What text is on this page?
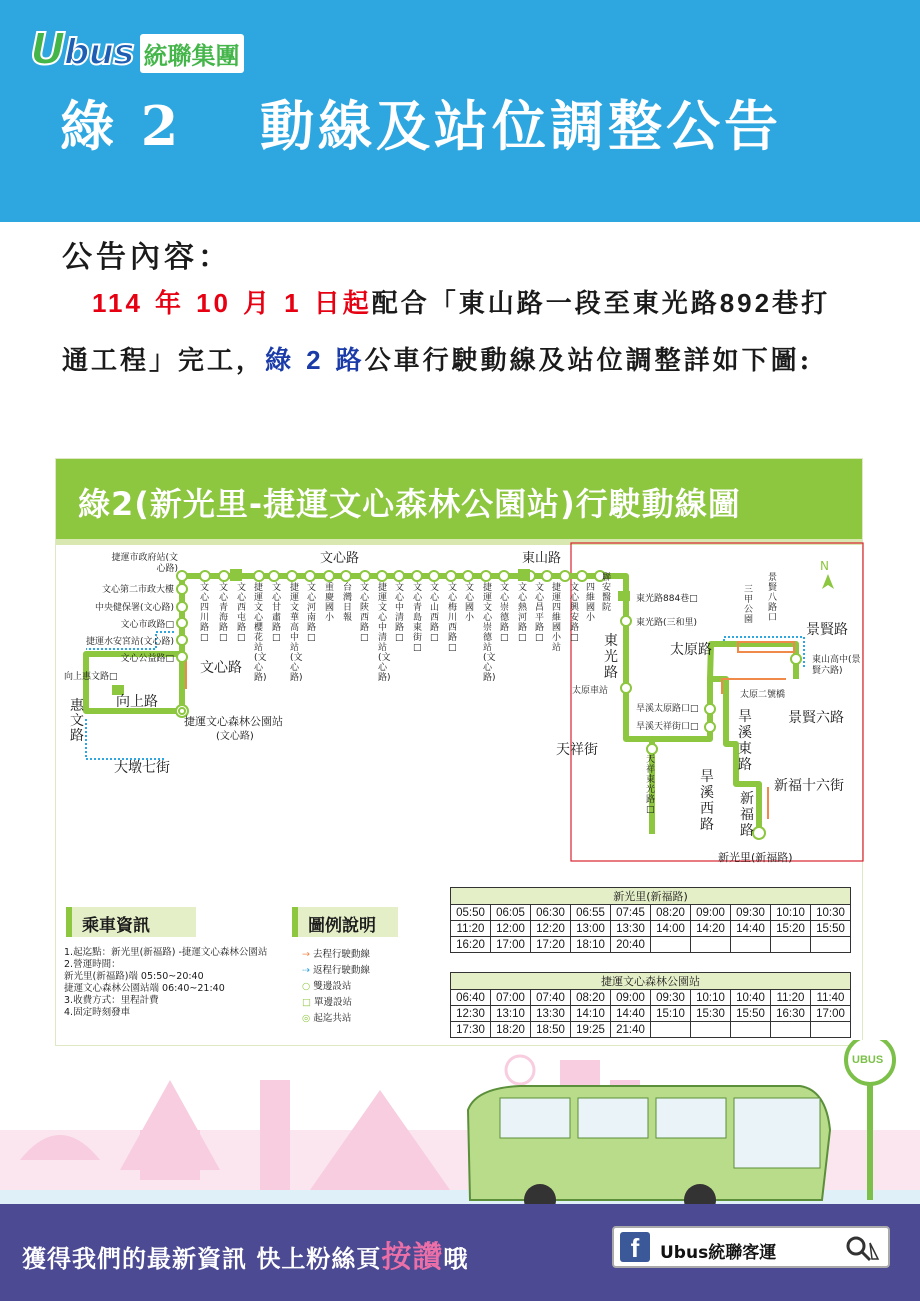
U bus 統聯集團
綠 2 動線及站位調整公告
公告內容：
114 年 10 月 1 日起配合「東山路一段至東光路892巷打
通工程」完工，綠 2 路公車行駛動線及站位調整詳如下圖:
綠2(新光里-捷運文心森林公園站)行駛動線圖
文心路	東山路
文心路
向上路
惠文路
大墩七街
東光路
太原路
景賢路
景賢六路
旱溪東路
旱溪西路
天祥街
新福十六街
新福路
N
捷運市政府站(文心路)
文心第二市政大樓
中央健保署(文心路)
文心市政路□
捷運水安宮站(文心路)
文心公益路□
向上惠文路□
捷運文心森林公園站
(文心路)
文心四川路□
文心青海路□
文心西屯路□
捷運文心櫻花站(文心路)
文心甘肅路□
捷運文華高中站(文心路)
文心河南路□
重慶國小
台灣日報
文心陝西路□
捷運文心中清站(文心路)
文心中清路□
文心青島東街□
文心山西路□
文心梅川西路□
文心國小
捷運文心崇德站(文心路)
文心崇德路□
文心熱河路□
文心昌平路□
捷運四維國小站
文心興安路□
四維國小
聯安醫院
東光路884巷□
東光路(三和里)
太原車站
旱溪太原路口□
旱溪天祥街口□
天祥東光路□
三甲公園
景賢八路口
太原二號橋
東山高中(景賢六路)
新光里(新福路)
乘車資訊
1.起迄點：新光里(新福路) -捷運文心森林公園站
2.營運時間：
新光里(新福路)端 05:50~20:40
捷運文心森林公園站端 06:40~21:40
3.收費方式：里程計費
4.固定時刻發車
圖例說明
→ 去程行駛動線
⇢ 返程行駛動線
○ 雙邊設站
□ 單邊設站
◎ 起迄共站
新光里(新福路)									
05:50	06:05	06:30	06:55	07:45	08:20	09:00	09:30	10:10	10:30
11:20	12:00	12:20	13:00	13:30	14:00	14:20	14:40	15:20	15:50
16:20	17:00	17:20	18:10	20:40					
捷運文心森林公園站									
06:40	07:00	07:40	08:20	09:00	09:30	10:10	10:40	11:20	11:40
12:30	13:10	13:30	14:10	14:40	15:10	15:30	15:50	16:30	17:00
17:30	18:20	18:50	19:25	21:40					
UBUS
獲得我們的最新資訊 快上粉絲頁按讚哦	f	Ubus統聯客運
